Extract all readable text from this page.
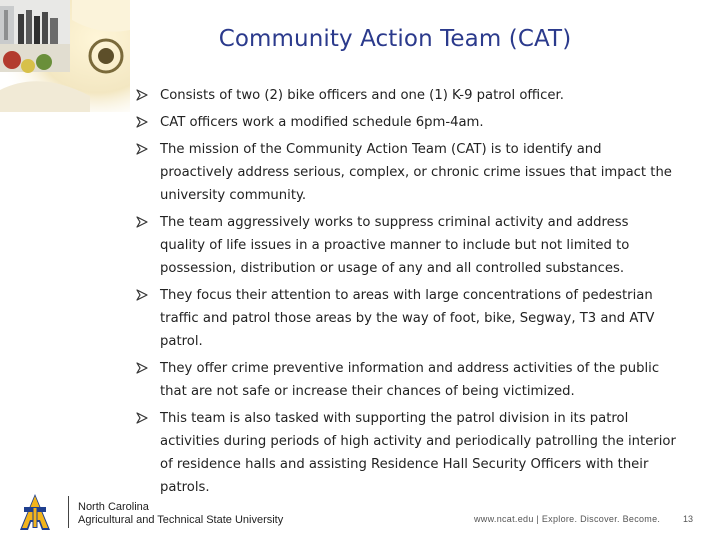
Community Action Team (CAT)
Consists of two (2) bike officers and one (1) K-9 patrol officer.
CAT officers work a modified schedule 6pm-4am.
The mission of the Community Action Team (CAT) is to identify and proactively address serious, complex, or chronic crime issues that impact the university community.
The team aggressively works to suppress criminal activity and address quality of life issues in a proactive manner to include but not limited to possession, distribution or usage of any and all controlled substances.
They focus their attention to areas with large concentrations of pedestrian traffic and patrol those areas by the way of foot, bike, Segway, T3 and ATV patrol.
They offer crime preventive information and address activities of the public that are not safe or increase their chances of being victimized.
This team is also tasked with supporting the patrol division in its patrol activities during periods of high activity and periodically patrolling the interior of residence halls and assisting Residence Hall Security Officers with their patrols.
North Carolina
Agricultural and Technical State University	www.ncat.edu | Explore. Discover. Become.	13
